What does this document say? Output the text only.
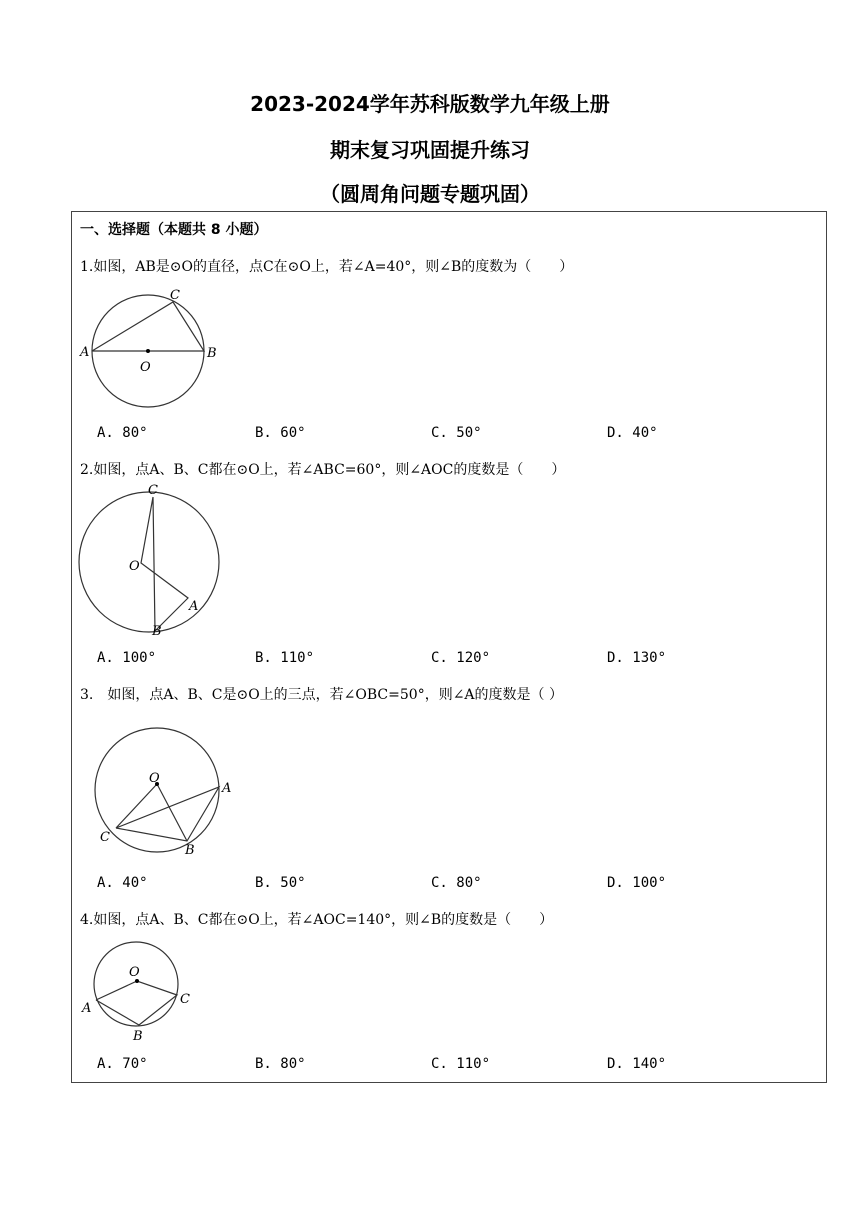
2023-2024学年苏科版数学九年级上册
期末复习巩固提升练习
（圆周角问题专题巩固）
一、选择题（本题共 8 小题）
1.如图，AB是⊙O的直径，点C在⊙O上，若∠A=40°，则∠B的度数为（　　）
A	B
C
O
A. 80°	B. 60°	C. 50°	D. 40°
2.如图，点A、B、C都在⊙O上，若∠ABC=60°，则∠AOC的度数是（　　）
C
O
A
B
A. 100°	B. 110°	C. 120°	D. 130°
3.　如图，点A、B、C是⊙O上的三点，若∠OBC=50°，则∠A的度数是（ ）
O
A
C
B
A. 40°	B. 50°	C. 80°	D. 100°
4.如图，点A、B、C都在⊙O上，若∠AOC=140°，则∠B的度数是（　　）
O
A
C
B
A. 70°	B. 80°	C. 110°	D. 140°
